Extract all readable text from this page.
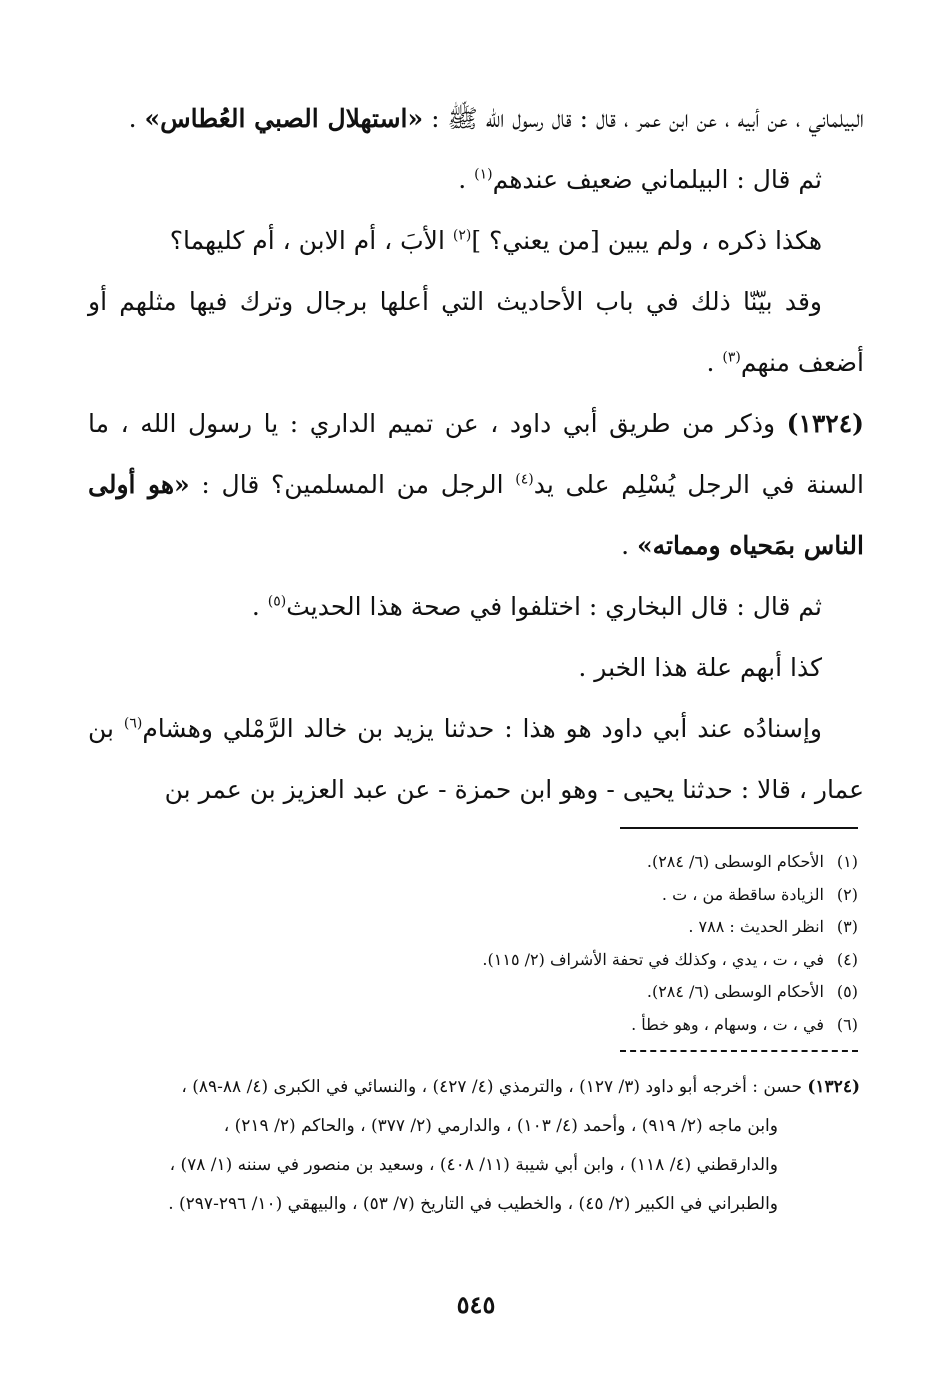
البيلماني ، عن أبيه ، عن ابن عمر ، قال : قال رسول الله ﷺ : «استهلال الصبي العُطاس» .

ثم قال : البيلماني ضعيف عندهم$^{(١)}$ .

هكذا ذكره ، ولم يبين [من يعني؟ ]$^{(٢)}$ الأبَ ، أم الابن ، أم كليهما؟

وقد بيّنّا ذلك في باب الأحاديث التي أعلها برجال وترك فيها مثلهم أو أضعف منهم$^{(٣)}$ .

(١٣٢٤) وذكر من طريق أبي داود ، عن تميم الداري : يا رسول الله ، ما السنة في الرجل يُسْلِم على يد$^{(٤)}$ الرجل من المسلمين؟ قال : «هو أولى الناس بمَحياه ومماته» .

ثم قال : قال البخاري : اختلفوا في صحة هذا الحديث$^{(٥)}$ .

كذا أبهم علة هذا الخبر .

وإسنادُه عند أبي داود هو هذا : حدثنا يزيد بن خالد الرَّمْلي وهشام$^{(٦)}$ بن عمار ، قالا : حدثنا يحيى - وهو ابن حمزة - عن عبد العزيز بن عمر بن

(١)الأحكام الوسطى (٦/ ٢٨٤).
(٢)الزيادة ساقطة من ، ت .
(٣)انظر الحديث : ٧٨٨ .
(٤)في ، ت ، يدي ، وكذلك في تحفة الأشراف (٢/ ١١٥).
(٥)الأحكام الوسطى (٦/ ٢٨٤).
(٦)في ، ت ، وسهام ، وهو خطأ .
(١٣٢٤) حسن : أخرجه أبو داود (٣/ ١٢٧) ، والترمذي (٤/ ٤٢٧) ، والنسائي في الكبرى (٤/ ٨٨-٨٩) ،
وابن ماجه (٢/ ٩١٩) ، وأحمد (٤/ ١٠٣) ، والدارمي (٢/ ٣٧٧) ، والحاكم (٢/ ٢١٩) ،
والدارقطني (٤/ ١١٨) ، وابن أبي شيبة (١١/ ٤٠٨) ، وسعيد بن منصور في سننه (١/ ٧٨) ،
والطبراني في الكبير (٢/ ٤٥) ، والخطيب في التاريخ (٧/ ٥٣) ، والبيهقي (١٠/ ٢٩٦-٢٩٧) .
٥٤٥
